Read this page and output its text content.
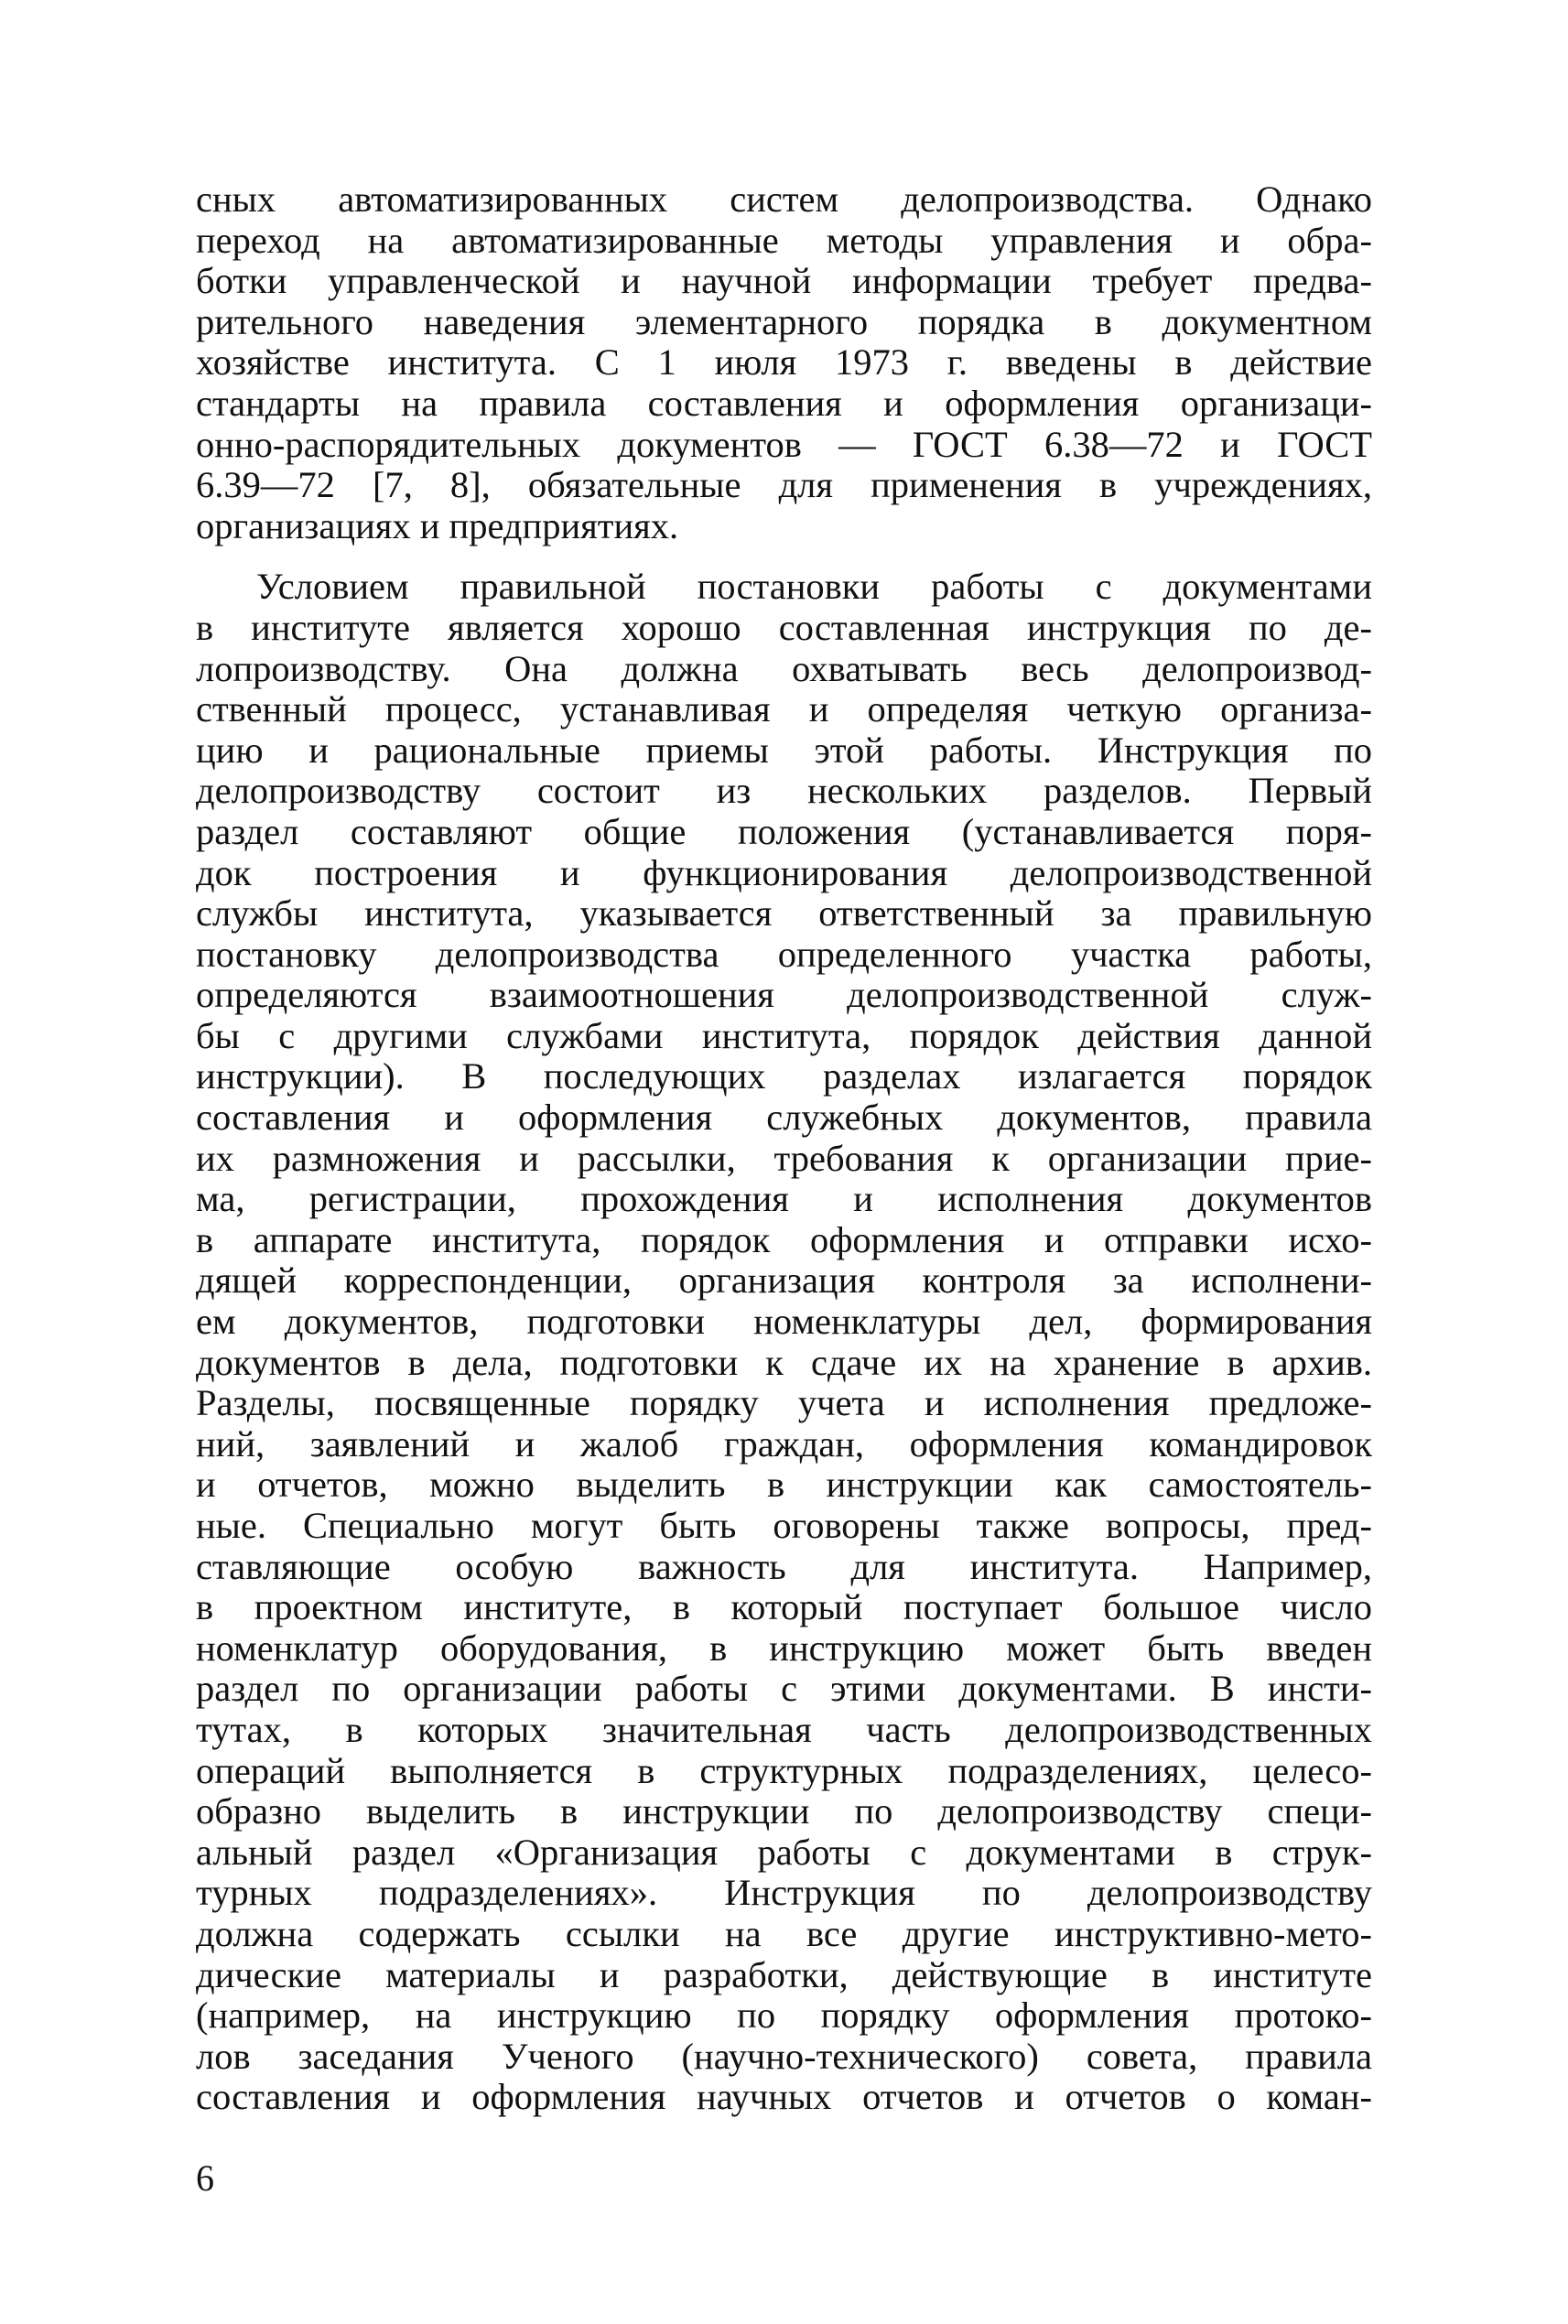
сных автоматизированных систем делопроизводства. Однако
переход на автоматизированные методы управления и обра-
ботки управленческой и научной информации требует предва-
рительного наведения элементарного порядка в документном
хозяйстве института. С 1 июля 1973 г. введены в действие
стандарты на правила составления и оформления организаци-
онно-распорядительных документов — ГОСТ 6.38—72 и ГОСТ
6.39—72 [7, 8], обязательные для применения в учреждениях,
организациях и предприятиях.

Условием правильной постановки работы с документами
в институте является хорошо составленная инструкция по де-
лопроизводству. Она должна охватывать весь делопроизвод-
ственный процесс, устанавливая и определяя четкую организа-
цию и рациональные приемы этой работы. Инструкция по
делопроизводству состоит из нескольких разделов. Первый
раздел составляют общие положения (устанавливается поря-
док построения и функционирования делопроизводственной
службы института, указывается ответственный за правильную
постановку делопроизводства определенного участка работы,
определяются взаимоотношения делопроизводственной служ-
бы с другими службами института, порядок действия данной
инструкции). В последующих разделах излагается порядок
составления и оформления служебных документов, правила
их размножения и рассылки, требования к организации прие-
ма, регистрации, прохождения и исполнения документов
в аппарате института, порядок оформления и отправки исхо-
дящей корреспонденции, организация контроля за исполнени-
ем документов, подготовки номенклатуры дел, формирования
документов в дела, подготовки к сдаче их на хранение в архив.
Разделы, посвященные порядку учета и исполнения предложе-
ний, заявлений и жалоб граждан, оформления командировок
и отчетов, можно выделить в инструкции как самостоятель-
ные. Специально могут быть оговорены также вопросы, пред-
ставляющие особую важность для института. Например,
в проектном институте, в который поступает большое число
номенклатур оборудования, в инструкцию может быть введен
раздел по организации работы с этими документами. В инсти-
тутах, в которых значительная часть делопроизводственных
операций выполняется в структурных подразделениях, целесо-
образно выделить в инструкции по делопроизводству специ-
альный раздел «Организация работы с документами в струк-
турных подразделениях». Инструкция по делопроизводству
должна содержать ссылки на все другие инструктивно-мето-
дические материалы и разработки, действующие в институте
(например, на инструкцию по порядку оформления протоко-
лов заседания Ученого (научно-технического) совета, правила
составления и оформления научных отчетов и отчетов о коман-

6
